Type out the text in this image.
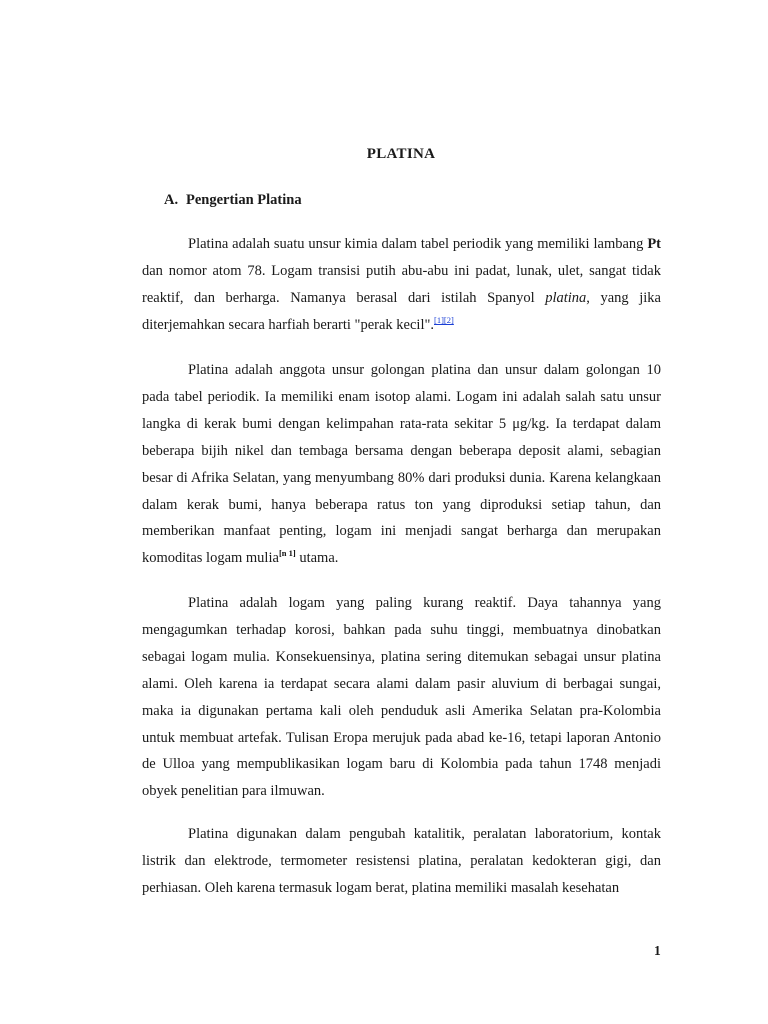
PLATINA
A. Pengertian Platina

Platina adalah suatu unsur kimia dalam tabel periodik yang memiliki lambang Pt dan nomor atom 78. Logam transisi putih abu-abu ini padat, lunak, ulet, sangat tidak reaktif, dan berharga. Namanya berasal dari istilah Spanyol platina, yang jika diterjemahkan secara harfiah berarti "perak kecil".[1][2]

Platina adalah anggota unsur golongan platina dan unsur dalam golongan 10 pada tabel periodik. Ia memiliki enam isotop alami. Logam ini adalah salah satu unsur langka di kerak bumi dengan kelimpahan rata-rata sekitar 5 μg/kg. Ia terdapat dalam beberapa bijih nikel dan tembaga bersama dengan beberapa deposit alami, sebagian besar di Afrika Selatan, yang menyumbang 80% dari produksi dunia. Karena kelangkaan dalam kerak bumi, hanya beberapa ratus ton yang diproduksi setiap tahun, dan memberikan manfaat penting, logam ini menjadi sangat berharga dan merupakan komoditas logam mulia[n 1] utama.

Platina adalah logam yang paling kurang reaktif. Daya tahannya yang mengagumkan terhadap korosi, bahkan pada suhu tinggi, membuatnya dinobatkan sebagai logam mulia. Konsekuensinya, platina sering ditemukan sebagai unsur platina alami. Oleh karena ia terdapat secara alami dalam pasir aluvium di berbagai sungai, maka ia digunakan pertama kali oleh penduduk asli Amerika Selatan pra-Kolombia untuk membuat artefak. Tulisan Eropa merujuk pada abad ke-16, tetapi laporan Antonio de Ulloa yang mempublikasikan logam baru di Kolombia pada tahun 1748 menjadi obyek penelitian para ilmuwan.

Platina digunakan dalam pengubah katalitik, peralatan laboratorium, kontak listrik dan elektrode, termometer resistensi platina, peralatan kedokteran gigi, dan perhiasan. Oleh karena termasuk logam berat, platina memiliki masalah kesehatan

1
